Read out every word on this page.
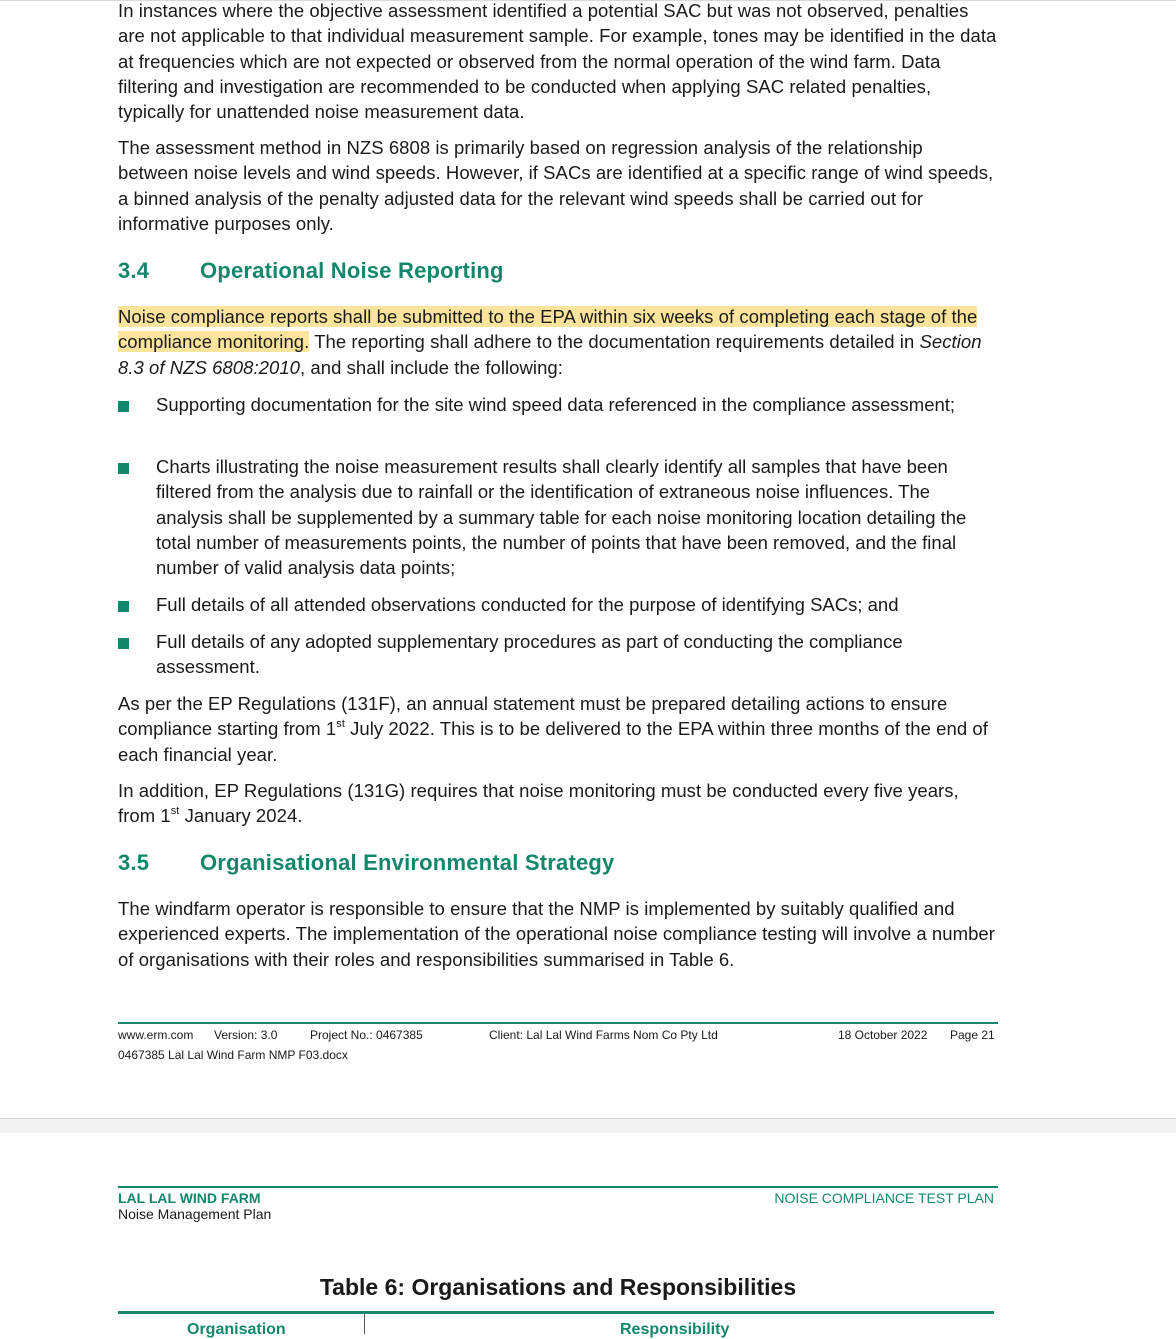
In instances where the objective assessment identified a potential SAC but was not observed, penalties are not applicable to that individual measurement sample. For example, tones may be identified in the data at frequencies which are not expected or observed from the normal operation of the wind farm. Data filtering and investigation are recommended to be conducted when applying SAC related penalties, typically for unattended noise measurement data.

The assessment method in NZS 6808 is primarily based on regression analysis of the relationship between noise levels and wind speeds. However, if SACs are identified at a specific range of wind speeds, a binned analysis of the penalty adjusted data for the relevant wind speeds shall be carried out for informative purposes only.

3.4 Operational Noise Reporting

Noise compliance reports shall be submitted to the EPA within six weeks of completing each stage of the compliance monitoring. The reporting shall adhere to the documentation requirements detailed in Section 8.3 of NZS 6808:2010, and shall include the following:

Supporting documentation for the site wind speed data referenced in the compliance assessment;
Charts illustrating the noise measurement results shall clearly identify all samples that have been filtered from the analysis due to rainfall or the identification of extraneous noise influences. The analysis shall be supplemented by a summary table for each noise monitoring location detailing the total number of measurements points, the number of points that have been removed, and the final number of valid analysis data points;
Full details of all attended observations conducted for the purpose of identifying SACs; and
Full details of any adopted supplementary procedures as part of conducting the compliance assessment.

As per the EP Regulations (131F), an annual statement must be prepared detailing actions to ensure compliance starting from 1st July 2022. This is to be delivered to the EPA within three months of the end of each financial year.

In addition, EP Regulations (131G) requires that noise monitoring must be conducted every five years, from 1st January 2024.

3.5 Organisational Environmental Strategy

The windfarm operator is responsible to ensure that the NMP is implemented by suitably qualified and experienced experts. The implementation of the operational noise compliance testing will involve a number of organisations with their roles and responsibilities summarised in Table 6.

www.erm.com Version: 3.0	Project No.: 0467385	Client: Lal Lal Wind Farms Nom Co Pty Ltd	18 October 2022 Page 21
0467385 Lal Lal Wind Farm NMP F03.docx
LAL LAL WIND FARM
Noise Management Plan
NOISE COMPLIANCE TEST PLAN
Table 6: Organisations and Responsibilities
Organisation	Responsibility
